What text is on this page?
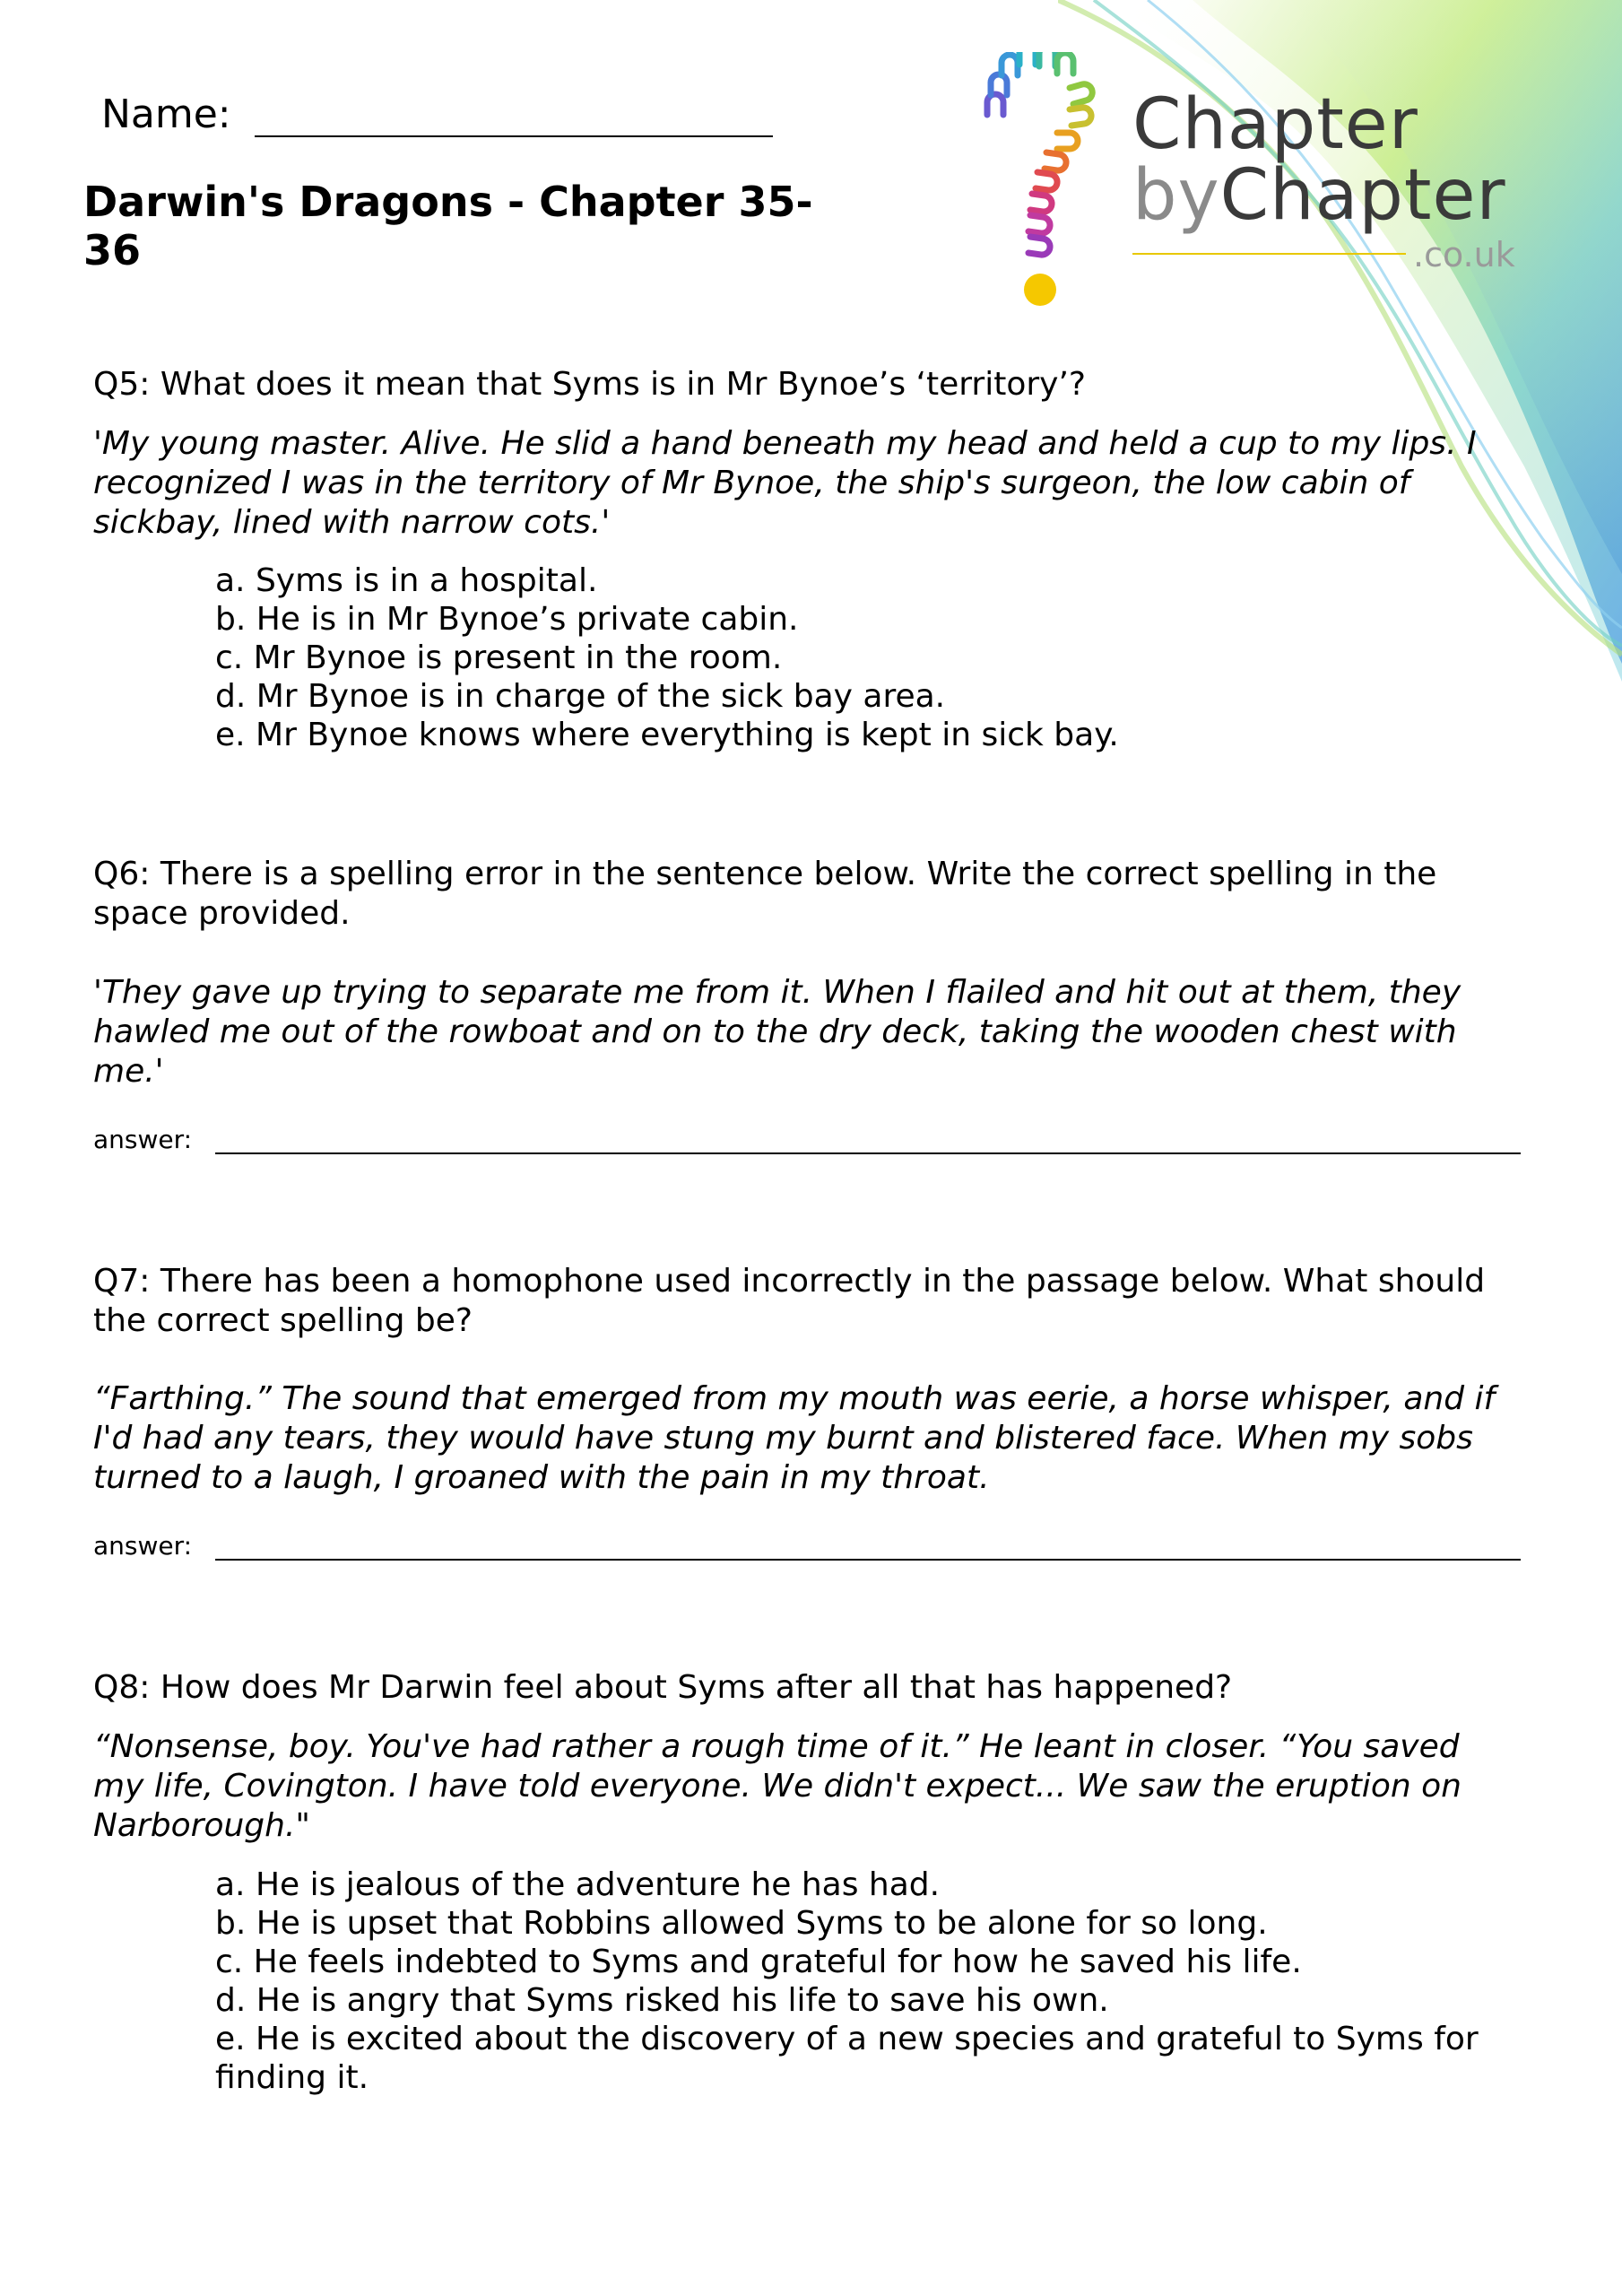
Name:
Darwin's Dragons - Chapter 35-36
Chapter
byChapter
.co.uk
Q5: What does it mean that Syms is in Mr Bynoe’s ‘territory’?
'My young master. Alive. He slid a hand beneath my head and held a cup to my lips. I recognized I was in the territory of Mr Bynoe, the ship's surgeon, the low cabin of sickbay, lined with narrow cots.'
a. Syms is in a hospital.
b. He is in Mr Bynoe’s private cabin.
c. Mr Bynoe is present in the room.
d. Mr Bynoe is in charge of the sick bay area.
e. Mr Bynoe knows where everything is kept in sick bay.
Q6: There is a spelling error in the sentence below. Write the correct spelling in the space provided.
'They gave up trying to separate me from it. When I flailed and hit out at them, they hawled me out of the rowboat and on to the dry deck, taking the wooden chest with me.'
answer:
Q7: There has been a homophone used incorrectly in the passage below. What should the correct spelling be?
“Farthing.” The sound that emerged from my mouth was eerie, a horse whisper, and if I'd had any tears, they would have stung my burnt and blistered face. When my sobs turned to a laugh, I groaned with the pain in my throat.
answer:
Q8: How does Mr Darwin feel about Syms after all that has happened?
“Nonsense, boy. You've had rather a rough time of it.” He leant in closer. “You saved my life, Covington. I have told everyone. We didn't expect... We saw the eruption on Narborough."
a. He is jealous of the adventure he has had.
b. He is upset that Robbins allowed Syms to be alone for so long.
c. He feels indebted to Syms and grateful for how he saved his life.
d. He is angry that Syms risked his life to save his own.
e. He is excited about the discovery of a new species and grateful to Syms for finding it.
